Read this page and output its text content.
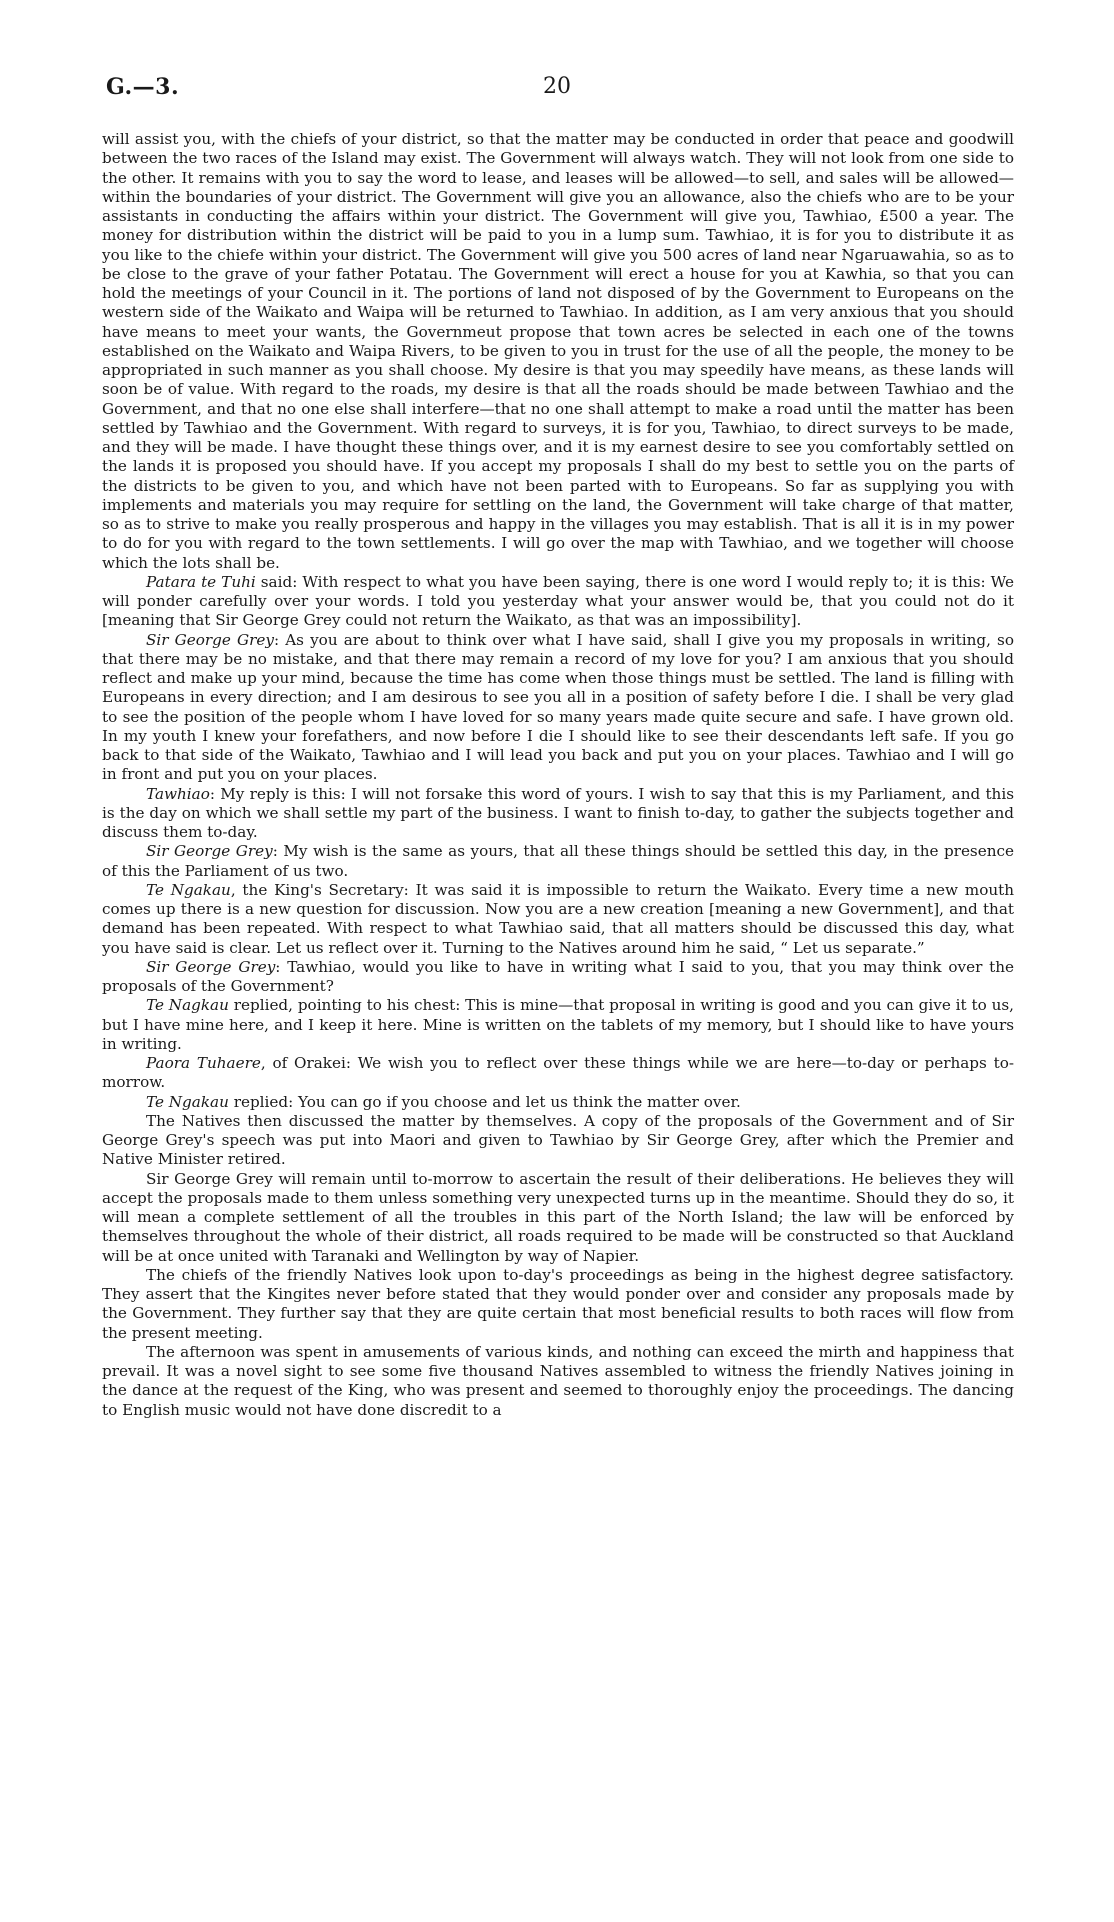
G.—3.	20

will assist you, with the chiefs of your district, so that the matter may be conducted in order that peace and goodwill between the two races of the Island may exist. The Government will always watch. They will not look from one side to the other. It remains with you to say the word to lease, and leases will be allowed—to sell, and sales will be allowed—within the boundaries of your district. The Government will give you an allowance, also the chiefs who are to be your assistants in conducting the affairs within your district. The Government will give you, Tawhiao, £500 a year. The money for distribution within the district will be paid to you in a lump sum. Tawhiao, it is for you to distribute it as you like to the chiefe within your district. The Government will give you 500 acres of land near Ngaruawahia, so as to be close to the grave of your father Potatau. The Government will erect a house for you at Kawhia, so that you can hold the meetings of your Council in it. The portions of land not disposed of by the Government to Europeans on the western side of the Waikato and Waipa will be returned to Tawhiao. In addition, as I am very anxious that you should have means to meet your wants, the Governmeut propose that town acres be selected in each one of the towns established on the Waikato and Waipa Rivers, to be given to you in trust for the use of all the people, the money to be appropriated in such manner as you shall choose. My desire is that you may speedily have means, as these lands will soon be of value. With regard to the roads, my desire is that all the roads should be made between Tawhiao and the Government, and that no one else shall interfere—that no one shall attempt to make a road until the matter has been settled by Tawhiao and the Government. With regard to surveys, it is for you, Tawhiao, to direct surveys to be made, and they will be made. I have thought these things over, and it is my earnest desire to see you comfortably settled on the lands it is proposed you should have. If you accept my proposals I shall do my best to settle you on the parts of the districts to be given to you, and which have not been parted with to Europeans. So far as supplying you with implements and materials you may require for settling on the land, the Government will take charge of that matter, so as to strive to make you really prosperous and happy in the villages you may establish. That is all it is in my power to do for you with regard to the town settlements. I will go over the map with Tawhiao, and we together will choose which the lots shall be.

Patara te Tuhi said: With respect to what you have been saying, there is one word I would reply to; it is this: We will ponder carefully over your words. I told you yesterday what your answer would be, that you could not do it [meaning that Sir George Grey could not return the Waikato, as that was an impossibility].

Sir George Grey: As you are about to think over what I have said, shall I give you my proposals in writing, so that there may be no mistake, and that there may remain a record of my love for you? I am anxious that you should reflect and make up your mind, because the time has come when those things must be settled. The land is filling with Europeans in every direction; and I am desirous to see you all in a position of safety before I die. I shall be very glad to see the position of the people whom I have loved for so many years made quite secure and safe. I have grown old. In my youth I knew your forefathers, and now before I die I should like to see their descendants left safe. If you go back to that side of the Waikato, Tawhiao and I will lead you back and put you on your places. Tawhiao and I will go in front and put you on your places.

Tawhiao: My reply is this: I will not forsake this word of yours. I wish to say that this is my Parliament, and this is the day on which we shall settle my part of the business. I want to finish to-day, to gather the subjects together and discuss them to-day.

Sir George Grey: My wish is the same as yours, that all these things should be settled this day, in the presence of this the Parliament of us two.

Te Ngakau, the King's Secretary: It was said it is impossible to return the Waikato. Every time a new mouth comes up there is a new question for discussion. Now you are a new creation [meaning a new Government], and that demand has been repeated. With respect to what Tawhiao said, that all matters should be discussed this day, what you have said is clear. Let us reflect over it. Turning to the Natives around him he said, “ Let us separate.”

Sir George Grey: Tawhiao, would you like to have in writing what I said to you, that you may think over the proposals of the Government?

Te Nagkau replied, pointing to his chest: This is mine—that proposal in writing is good and you can give it to us, but I have mine here, and I keep it here. Mine is written on the tablets of my memory, but I should like to have yours in writing.

Paora Tuhaere, of Orakei: We wish you to reflect over these things while we are here—to-day or perhaps to-morrow.

Te Ngakau replied: You can go if you choose and let us think the matter over.

The Natives then discussed the matter by themselves. A copy of the proposals of the Government and of Sir George Grey's speech was put into Maori and given to Tawhiao by Sir George Grey, after which the Premier and Native Minister retired.

Sir George Grey will remain until to-morrow to ascertain the result of their deliberations. He believes they will accept the proposals made to them unless something very unexpected turns up in the meantime. Should they do so, it will mean a complete settlement of all the troubles in this part of the North Island; the law will be enforced by themselves throughout the whole of their district, all roads required to be made will be constructed so that Auckland will be at once united with Taranaki and Wellington by way of Napier.

The chiefs of the friendly Natives look upon to-day's proceedings as being in the highest degree satisfactory. They assert that the Kingites never before stated that they would ponder over and consider any proposals made by the Government. They further say that they are quite certain that most beneficial results to both races will flow from the present meeting.

The afternoon was spent in amusements of various kinds, and nothing can exceed the mirth and happiness that prevail. It was a novel sight to see some five thousand Natives assembled to witness the friendly Natives joining in the dance at the request of the King, who was present and seemed to thoroughly enjoy the proceedings. The dancing to English music would not have done discredit to a
